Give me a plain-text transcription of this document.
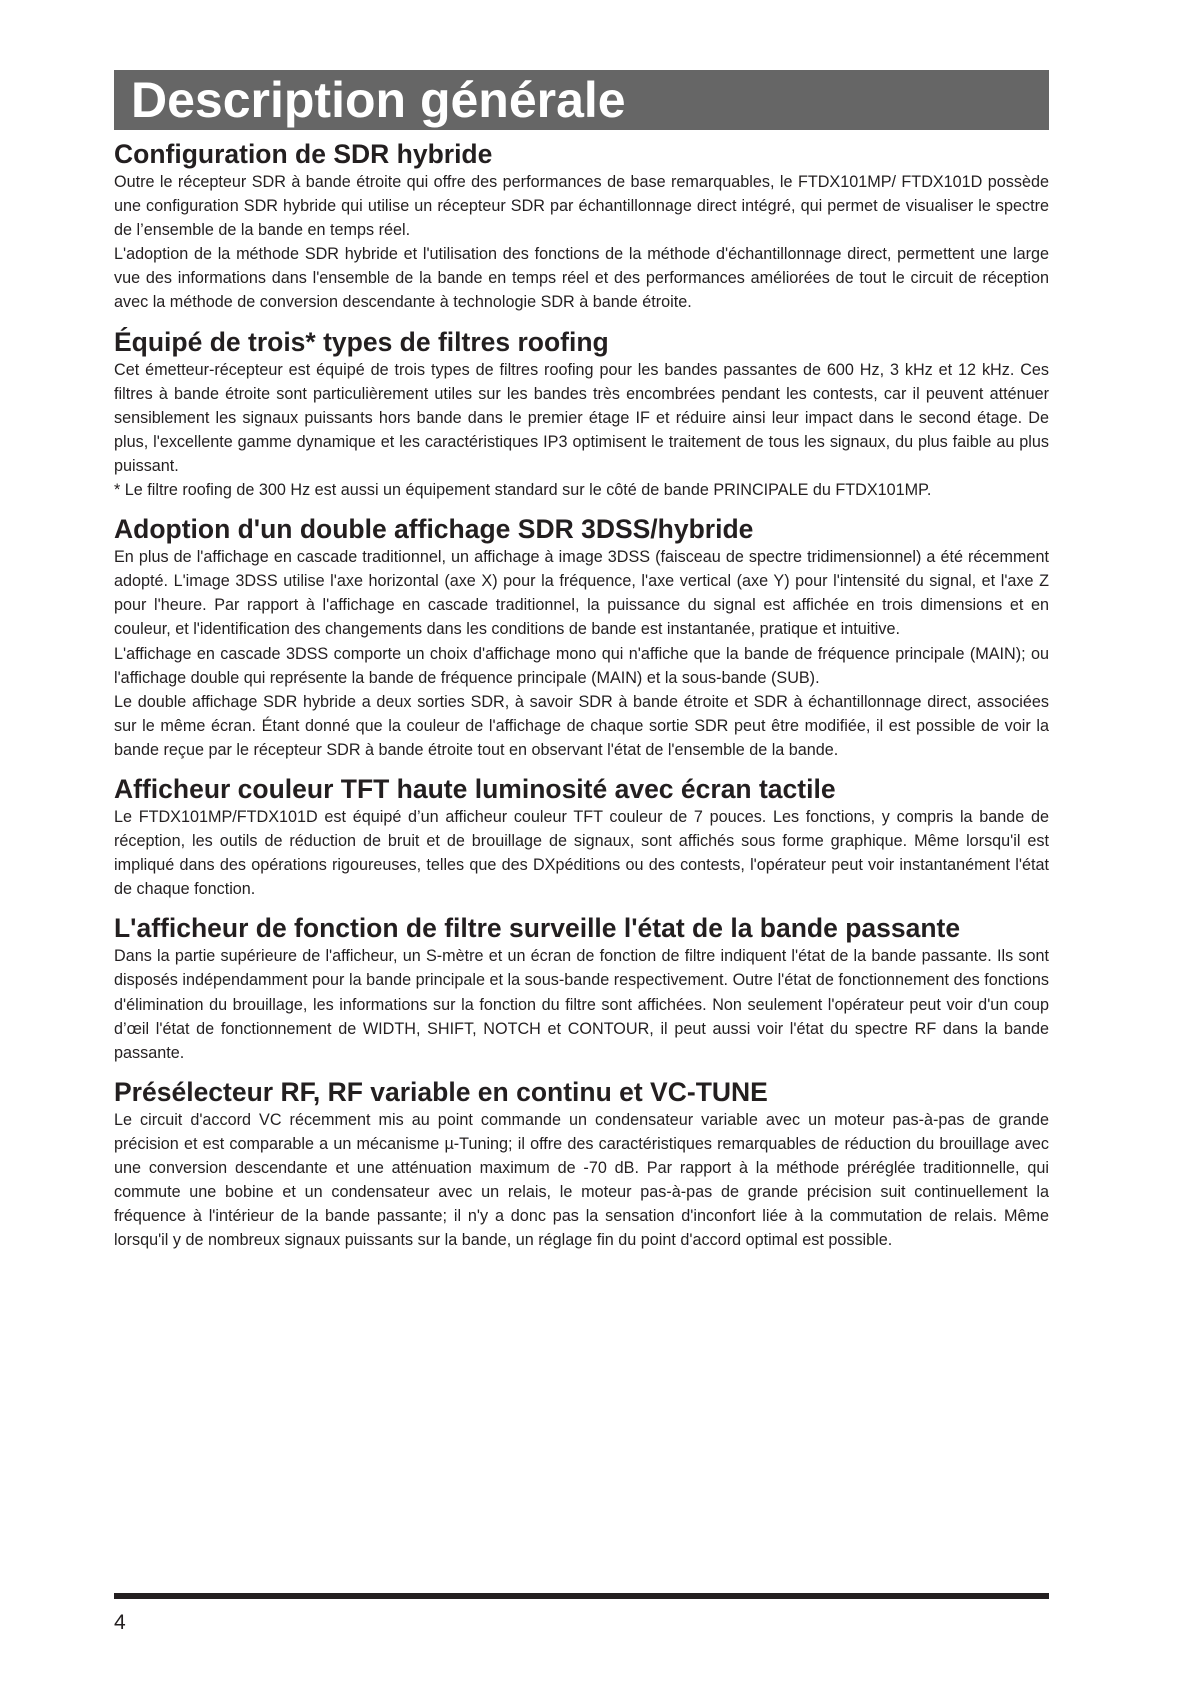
Description générale
Configuration de SDR hybride

Outre le récepteur SDR à bande étroite qui offre des performances de base remarquables, le FTDX101MP/ FTDX101D possède une configuration SDR hybride qui utilise un récepteur SDR par échantillonnage direct intégré, qui permet de visualiser le spectre de l’ensemble de la bande en temps réel.

L'adoption de la méthode SDR hybride et l'utilisation des fonctions de la méthode d'échantillonnage direct, permettent une large vue des informations dans l'ensemble de la bande en temps réel et des performances améliorées de tout le circuit de réception avec la méthode de conversion descendante à technologie SDR à bande étroite.

Équipé de trois* types de filtres roofing

Cet émetteur-récepteur est équipé de trois types de filtres roofing pour les bandes passantes de 600 Hz, 3 kHz et 12 kHz. Ces filtres à bande étroite sont particulièrement utiles sur les bandes très encombrées pendant les contests, car il peuvent atténuer sensiblement les signaux puissants hors bande dans le premier étage IF et réduire ainsi leur impact dans le second étage. De plus, l'excellente gamme dynamique et les caractéristiques IP3 optimisent le traitement de tous les signaux, du plus faible au plus puissant.

* Le filtre roofing de 300 Hz est aussi un équipement standard sur le côté de bande PRINCIPALE du FTDX101MP.

Adoption d'un double affichage SDR 3DSS/hybride

En plus de l'affichage en cascade traditionnel, un affichage à image 3DSS (faisceau de spectre tridimensionnel) a été récemment adopté. L'image 3DSS utilise l'axe horizontal (axe X) pour la fréquence, l'axe vertical (axe Y) pour l'intensité du signal, et l'axe Z pour l'heure. Par rapport à l'affichage en cascade traditionnel, la puissance du signal est affichée en trois dimensions et en couleur, et l'identification des changements dans les conditions de bande est instantanée, pratique et intuitive.

L'affichage en cascade 3DSS comporte un choix d'affichage mono qui n'affiche que la bande de fréquence principale (MAIN); ou l'affichage double qui représente la bande de fréquence principale (MAIN) et la sous-bande (SUB).

Le double affichage SDR hybride a deux sorties SDR, à savoir SDR à bande étroite et SDR à échantillonnage direct, associées sur le même écran. Étant donné que la couleur de l'affichage de chaque sortie SDR peut être modifiée, il est possible de voir la bande reçue par le récepteur SDR à bande étroite tout en observant l'état de l'ensemble de la bande.

Afficheur couleur TFT haute luminosité avec écran tactile

Le FTDX101MP/FTDX101D est équipé d’un afficheur couleur TFT couleur de 7 pouces. Les fonctions, y compris la bande de réception, les outils de réduction de bruit et de brouillage de signaux, sont affichés sous forme graphique. Même lorsqu'il est impliqué dans des opérations rigoureuses, telles que des DXpéditions ou des contests, l'opérateur peut voir instantanément l'état de chaque fonction.

L'afficheur de fonction de filtre surveille l'état de la bande passante

Dans la partie supérieure de l'afficheur, un S-mètre et un écran de fonction de filtre indiquent l'état de la bande passante. Ils sont disposés indépendamment pour la bande principale et la sous-bande respectivement. Outre l'état de fonctionnement des fonctions d'élimination du brouillage, les informations sur la fonction du filtre sont affichées. Non seulement l'opérateur peut voir d'un coup d’œil l'état de fonctionnement de WIDTH, SHIFT, NOTCH et CONTOUR, il peut aussi voir l'état du spectre RF dans la bande passante.

Présélecteur RF, RF variable en continu et VC-TUNE

Le circuit d'accord VC récemment mis au point commande un condensateur variable avec un moteur pas-à-pas de grande précision et est comparable a un mécanisme µ-Tuning; il offre des caractéristiques remarquables de réduction du brouillage avec une conversion descendante et une atténuation maximum de -70 dB. Par rapport à la méthode préréglée traditionnelle, qui commute une bobine et un condensateur avec un relais, le moteur pas-à-pas de grande précision suit continuellement la fréquence à l'intérieur de la bande passante; il n'y a donc pas la sensation d'inconfort liée à la commutation de relais. Même lorsqu'il y de nombreux signaux puissants sur la bande, un réglage fin du point d'accord optimal est possible.

4
